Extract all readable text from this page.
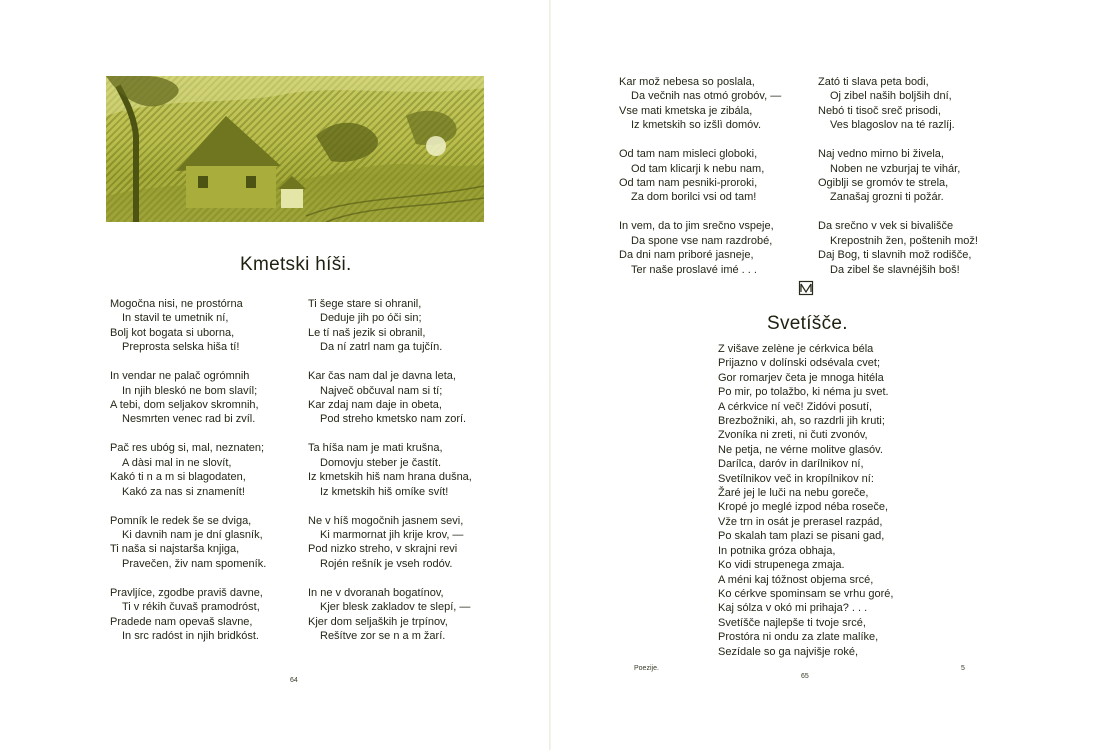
Kmetski híši.
Mogočna nisi, ne prostórna
In stavil te umetnik ní,
Bolj kot bogata si uborna,
Preprosta selska hiša tí!
In vendar ne palač ogrómnih
In njih bleskó ne bom slavíl;
A tebi, dom seljakov skromnih,
Nesmrten venec rad bi zvíl.
Pač res ubóg si, mal, neznaten;
A dàsi mal in ne slovít,
Kakó ti n a m si blagodaten,
Kakó za nas si znamenít!
Pomník le redek še se dviga,
Ki davnih nam je dní glasník,
Ti naša si najstarša knjiga,
Pravečen, živ nam spomeník.
Pravljíce, zgodbe praviš davne,
Ti v rékih čuvaš pramodróst,
Pradede nam opevaš slavne,
In src radóst in njih bridkóst.
Ti šege stare si ohranil,
Deduje jih po óči sin;
Le tí naš jezik si obranil,
Da ní zatrl nam ga tujčín.
Kar čas nam dal je davna leta,
Največ občuval nam si tí;
Kar zdaj nam daje in obeta,
Pod streho kmetsko nam zorí.
Ta híša nam je mati krušna,
Domovju steber je častít.
Iz kmetskih hiš nam hrana dušna,
Iz kmetskih hiš omíke svít!
Ne v híš mogočnih jasnem sevi,
Ki marmornat jih krije krov, —
Pod nizko streho, v skrajni revi
Rojén rešník je vseh rodóv.
In ne v dvoranah bogatínov,
Kjer blesk zakladov te slepí, —
Kjer dom seljaških je trpínov,
Rešítve zor se n a m žarí.
64
Kar mož nebesa so poslala,
Da večnih nas otmó grobóv, —
Vse mati kmetska je zibála,
Iz kmetskih so izšlì domóv.
Od tam nam misleci globoki,
Od tam klicarji k nebu nam,
Od tam nam pesniki-proroki,
Za dom borilci vsi od tam!
In vem, da to jim srečno vspeje,
Da spone vse nam razdrobé,
Da dni nam priboré jasneje,
Ter naše proslavé imé . . .
Zató ti slava peta bodi,
Oj zibel naših boljših dní,
Nebó ti tisoč sreč prisodi,
Ves blagoslov na té razlíj.
Naj vedno mirno bi živela,
Noben ne vzburjaj te vihár,
Ogiblji se gromóv te strela,
Zanašaj grozni ti požár.
Da srečno v vek si bivališče
Krepostnih žen, poštenih mož!
Daj Bog, ti slavnih mož rodišče,
Da zibel še slavnéjših boš!
Svetíšče.
Z višave zelène je cérkvica béla
Prijazno v dolínski odsévala cvet;
Gor romarjev četa je mnoga hitéla
Po mir, po tolažbo, ki néma ju svet.
A cérkvice ní več! Zidóvi posutí,
Brezbožniki, ah, so razdrli jih kruti;
Zvoníka ni zreti, ni čuti zvonóv,
Ne petja, ne vérne molitve glasóv.
Darílca, daróv in darílnikov ní,
Svetílnikov več in kropílnikov ní:
Žaré jej le luči na nebu goreče,
Kropé jo meglé izpod néba roseče,
Vže trn in osát je prerasel razpád,
Po skalah tam plazi se pisani gad,
In potnika gróza obhaja,
Ko vidi strupenega zmaja.
A méni kaj tóžnost objema srcé,
Ko cérkve spominsam se vrhu goré,
Kaj sólza v okó mi prihaja? . . .
Svetíšče najlepše ti tvoje srcé,
Prostóra ni ondu za zlate malíke,
Sezídale so ga najvišje roké,
Poezije.
65
5
